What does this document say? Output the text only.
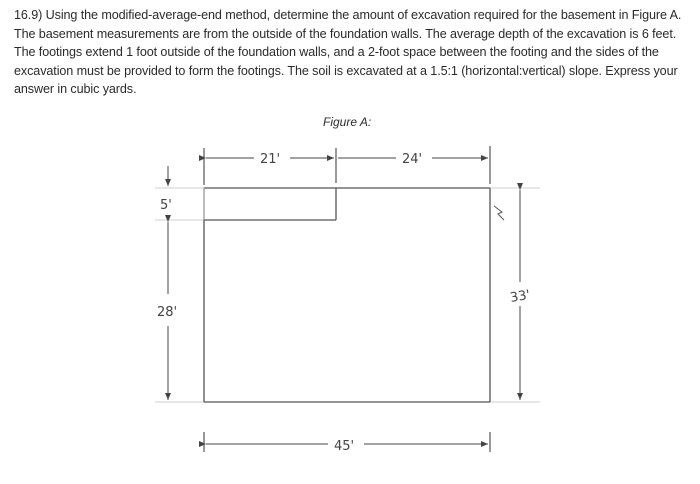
16.9) Using the modified-average-end method, determine the amount of excavation required for the basement in Figure A. The basement measurements are from the outside of the foundation walls. The average depth of the excavation is 6 feet. The footings extend 1 foot outside of the foundation walls, and a 2-foot space between the footing and the sides of the excavation must be provided to form the footings. The soil is excavated at a 1.5:1 (horizontal:vertical) slope. Express your answer in cubic yards.

Figure A:
21'	24'
5'
28'
33'
45'
